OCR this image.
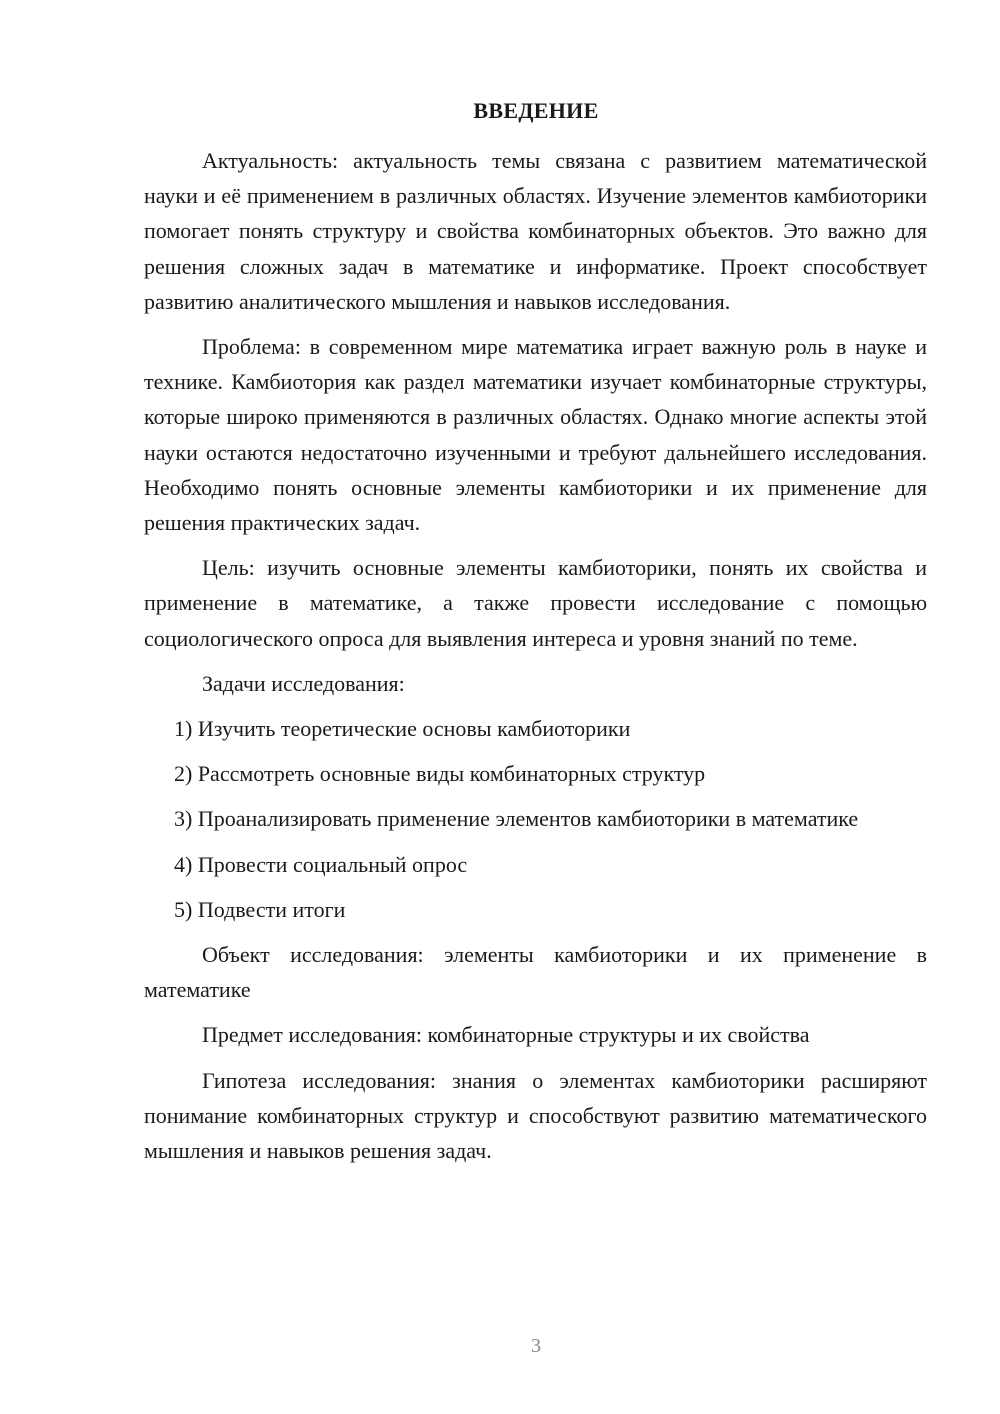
ВВЕДЕНИЕ

Актуальность: актуальность темы связана с развитием математической науки и её применением в различных областях. Изучение элементов камбиоторики помогает понять структуру и свойства комбинаторных объектов. Это важно для решения сложных задач в математике и информатике. Проект способствует развитию аналитического мышления и навыков исследования.

Проблема: в современном мире математика играет важную роль в науке и технике. Камбиотория как раздел математики изучает комбинаторные структуры, которые широко применяются в различных областях. Однако многие аспекты этой науки остаются недостаточно изученными и требуют дальнейшего исследования. Необходимо понять основные элементы камбиоторики и их применение для решения практических задач.

Цель: изучить основные элементы камбиоторики, понять их свойства и применение в математике, а также провести исследование с помощью социологического опроса для выявления интереса и уровня знаний по теме.

Задачи исследования:

1) Изучить теоретические основы камбиоторики

2) Рассмотреть основные виды комбинаторных структур

3) Проанализировать применение элементов камбиоторики в математике

4) Провести социальный опрос

5) Подвести итоги

Объект исследования: элементы камбиоторики и их применение в математике

Предмет исследования: комбинаторные структуры и их свойства

Гипотеза исследования: знания о элементах камбиоторики расширяют понимание комбинаторных структур и способствуют развитию математического мышления и навыков решения задач.

3
